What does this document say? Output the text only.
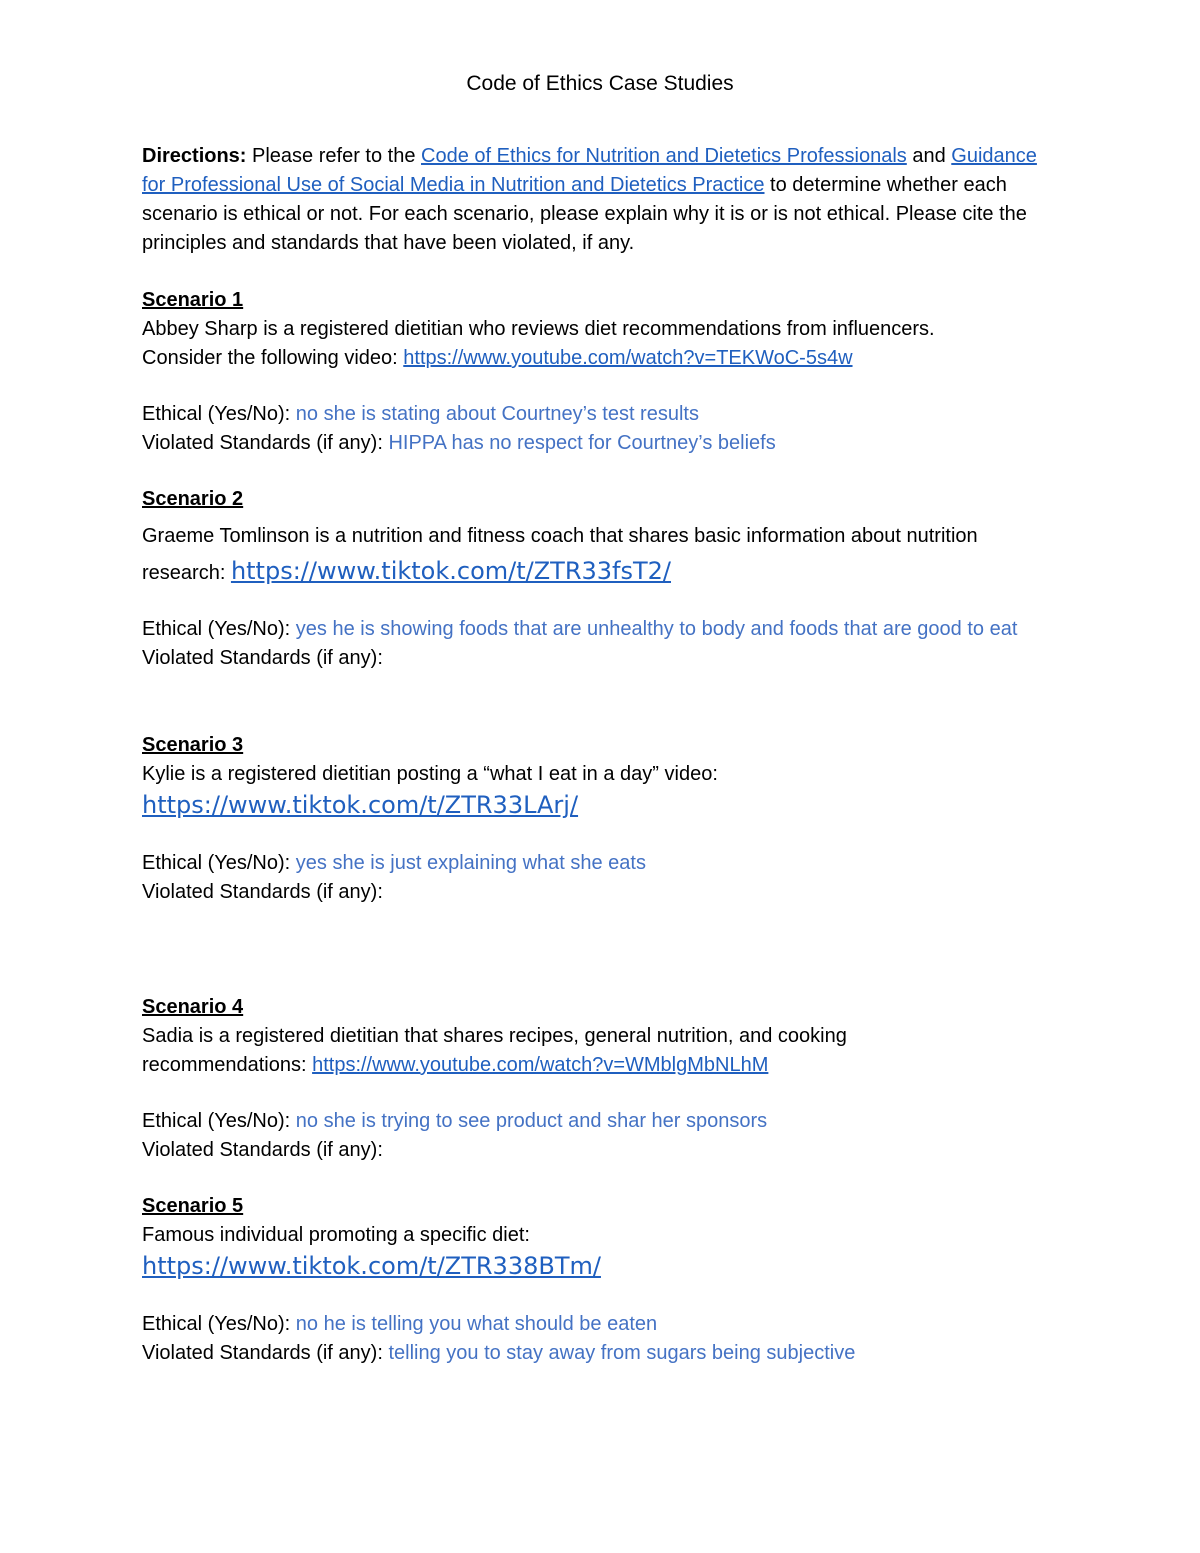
Code of Ethics Case Studies

Directions: Please refer to the Code of Ethics for Nutrition and Dietetics Professionals and Guidance for Professional Use of Social Media in Nutrition and Dietetics Practice to determine whether each scenario is ethical or not. For each scenario, please explain why it is or is not ethical. Please cite the principles and standards that have been violated, if any.

Scenario 1
Abbey Sharp is a registered dietitian who reviews diet recommendations from influencers.
Consider the following video: https://www.youtube.com/watch?v=TEKWoC-5s4w
Ethical (Yes/No): no she is stating about Courtney’s test results
Violated Standards (if any): HIPPA has no respect for Courtney’s beliefs
Scenario 2
Graeme Tomlinson is a nutrition and fitness coach that shares basic information about nutrition
research: https://www.tiktok.com/t/ZTR33fsT2/
Ethical (Yes/No): yes he is showing foods that are unhealthy to body and foods that are good to eat
Violated Standards (if any):
Scenario 3
Kylie is a registered dietitian posting a “what I eat in a day” video:
https://www.tiktok.com/t/ZTR33LArj/
Ethical (Yes/No): yes she is just explaining what she eats
Violated Standards (if any):
Scenario 4
Sadia is a registered dietitian that shares recipes, general nutrition, and cooking
recommendations: https://www.youtube.com/watch?v=WMblgMbNLhM
Ethical (Yes/No): no she is trying to see product and shar her sponsors
Violated Standards (if any):
Scenario 5
Famous individual promoting a specific diet:
https://www.tiktok.com/t/ZTR338BTm/
Ethical (Yes/No): no he is telling you what should be eaten
Violated Standards (if any): telling you to stay away from sugars being subjective
